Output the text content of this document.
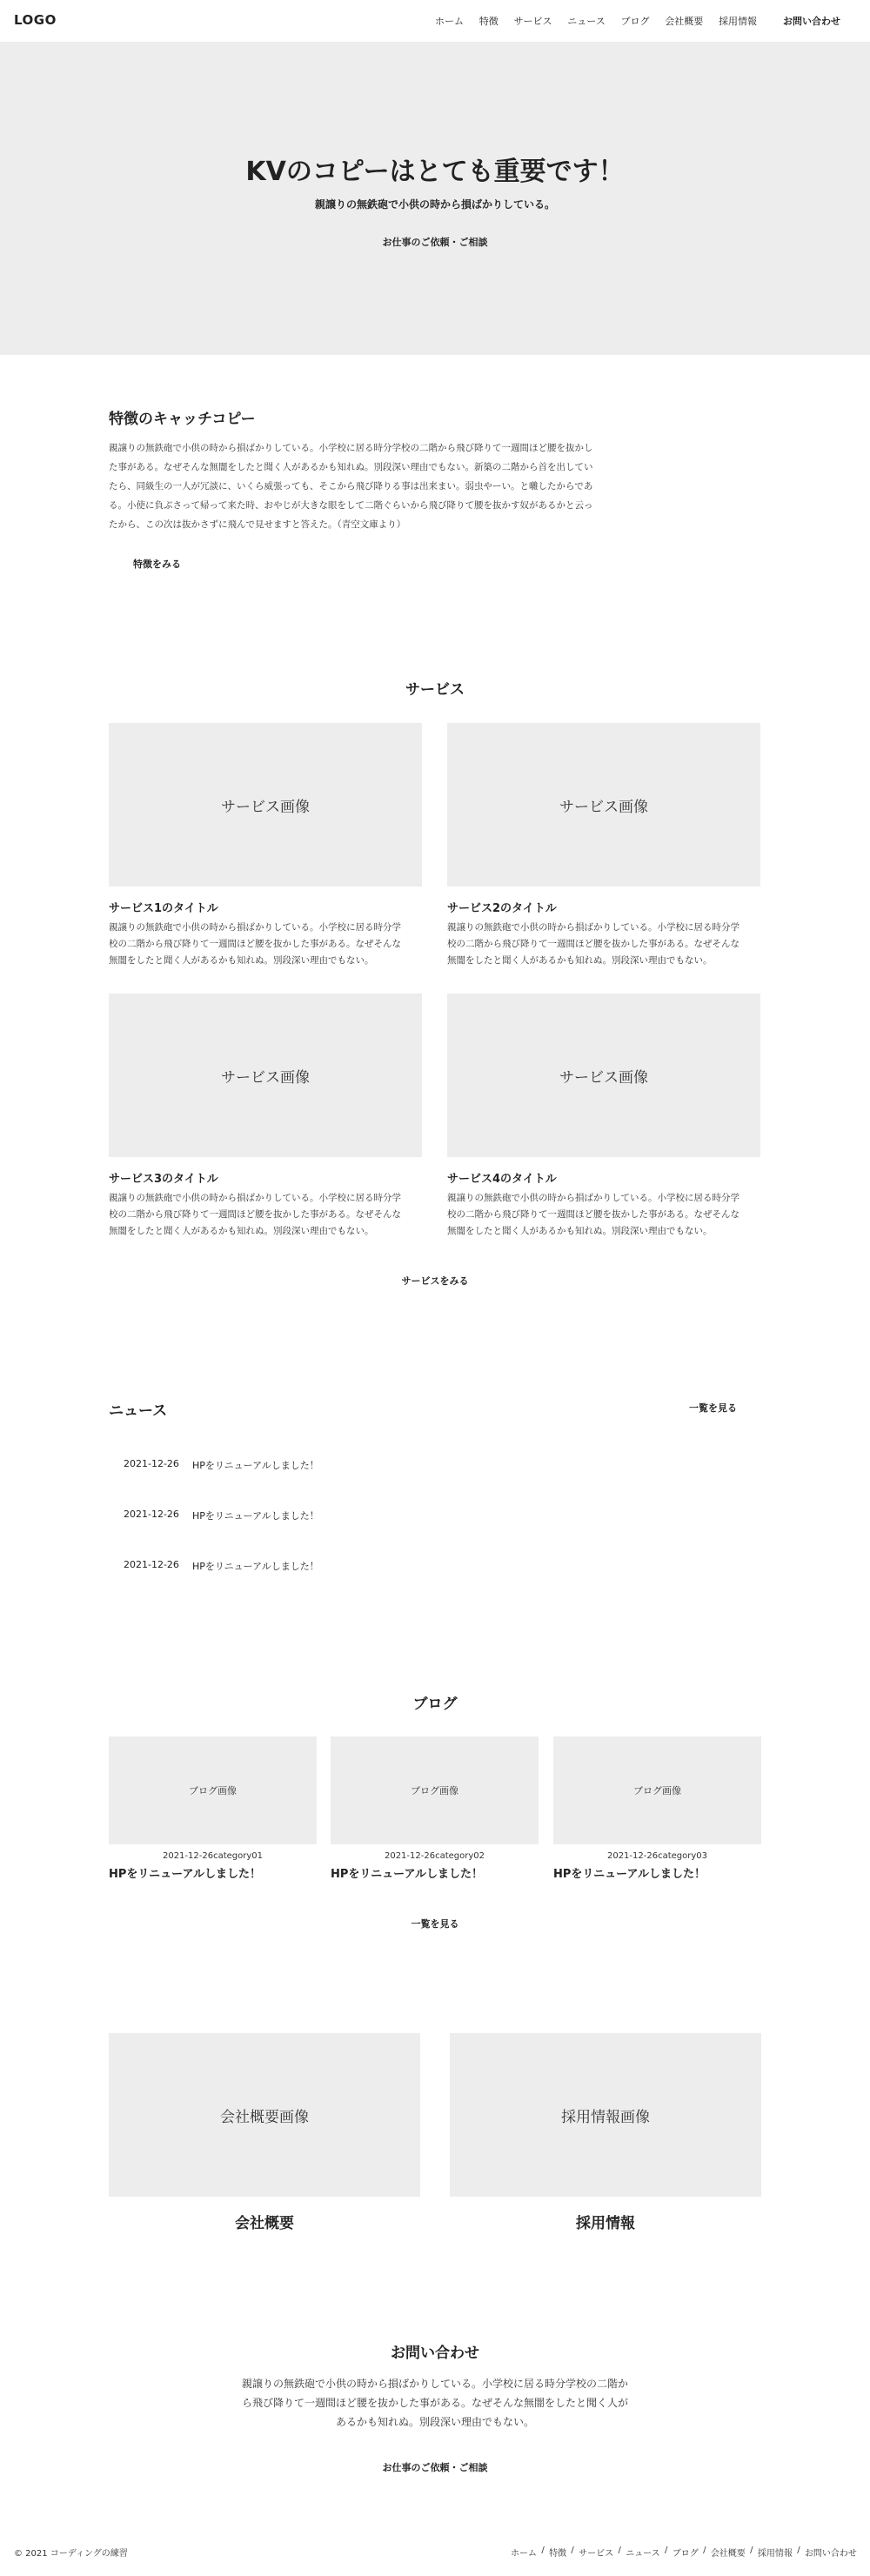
LOGO	ホーム 特徴 サービス ニュース ブログ 会社概要 採用情報	お問い合わせ
KVのコピーはとても重要です！

親譲りの無鉄砲で小供の時から損ばかりしている。

お仕事のご依頼・ご相談
特徴のキャッチコピー
親譲りの無鉄砲で小供の時から損ばかりしている。小学校に居る時分学校の二階から飛び降りて一週間ほど腰を抜かし
た事がある。なぜそんな無闇をしたと聞く人があるかも知れぬ。別段深い理由でもない。新築の二階から首を出してい
たら、同級生の一人が冗談に、いくら威張っても、そこから飛び降りる事は出来まい。弱虫やーい。と囃したからであ
る。小使に負ぶさって帰って来た時、おやじが大きな眼をして二階ぐらいから飛び降りて腰を抜かす奴があるかと云っ
たから、この次は抜かさずに飛んで見せますと答えた。（青空文庫より）
特徴をみる
サービス
サービス画像
サービス1のタイトル
親譲りの無鉄砲で小供の時から損ばかりしている。小学校に居る時分学
校の二階から飛び降りて一週間ほど腰を抜かした事がある。なぜそんな
無闇をしたと聞く人があるかも知れぬ。別段深い理由でもない。
サービス画像
サービス2のタイトル
親譲りの無鉄砲で小供の時から損ばかりしている。小学校に居る時分学
校の二階から飛び降りて一週間ほど腰を抜かした事がある。なぜそんな
無闇をしたと聞く人があるかも知れぬ。別段深い理由でもない。
サービス画像
サービス3のタイトル
親譲りの無鉄砲で小供の時から損ばかりしている。小学校に居る時分学
校の二階から飛び降りて一週間ほど腰を抜かした事がある。なぜそんな
無闇をしたと聞く人があるかも知れぬ。別段深い理由でもない。
サービス画像
サービス4のタイトル
親譲りの無鉄砲で小供の時から損ばかりしている。小学校に居る時分学
校の二階から飛び降りて一週間ほど腰を抜かした事がある。なぜそんな
無闇をしたと聞く人があるかも知れぬ。別段深い理由でもない。
サービスをみる
ニュース	一覧を見る
2021-12-26	HPをリニューアルしました！
2021-12-26	HPをリニューアルしました！
2021-12-26	HPをリニューアルしました！
ブログ
ブログ画像
2021-12-26category01
HPをリニューアルしました！
ブログ画像
2021-12-26category02
HPをリニューアルしました！
ブログ画像
2021-12-26category03
HPをリニューアルしました！
一覧を見る
会社概要画像
会社概要
採用情報画像
採用情報
お問い合わせ
親譲りの無鉄砲で小供の時から損ばかりしている。小学校に居る時分学校の二階か
ら飛び降りて一週間ほど腰を抜かした事がある。なぜそんな無闇をしたと聞く人が
あるかも知れぬ。別段深い理由でもない。
お仕事のご依頼・ご相談
© 2021 コーディングの練習	ホーム / 特徴 / サービス / ニュース / ブログ / 会社概要 / 採用情報 / お問い合わせ
